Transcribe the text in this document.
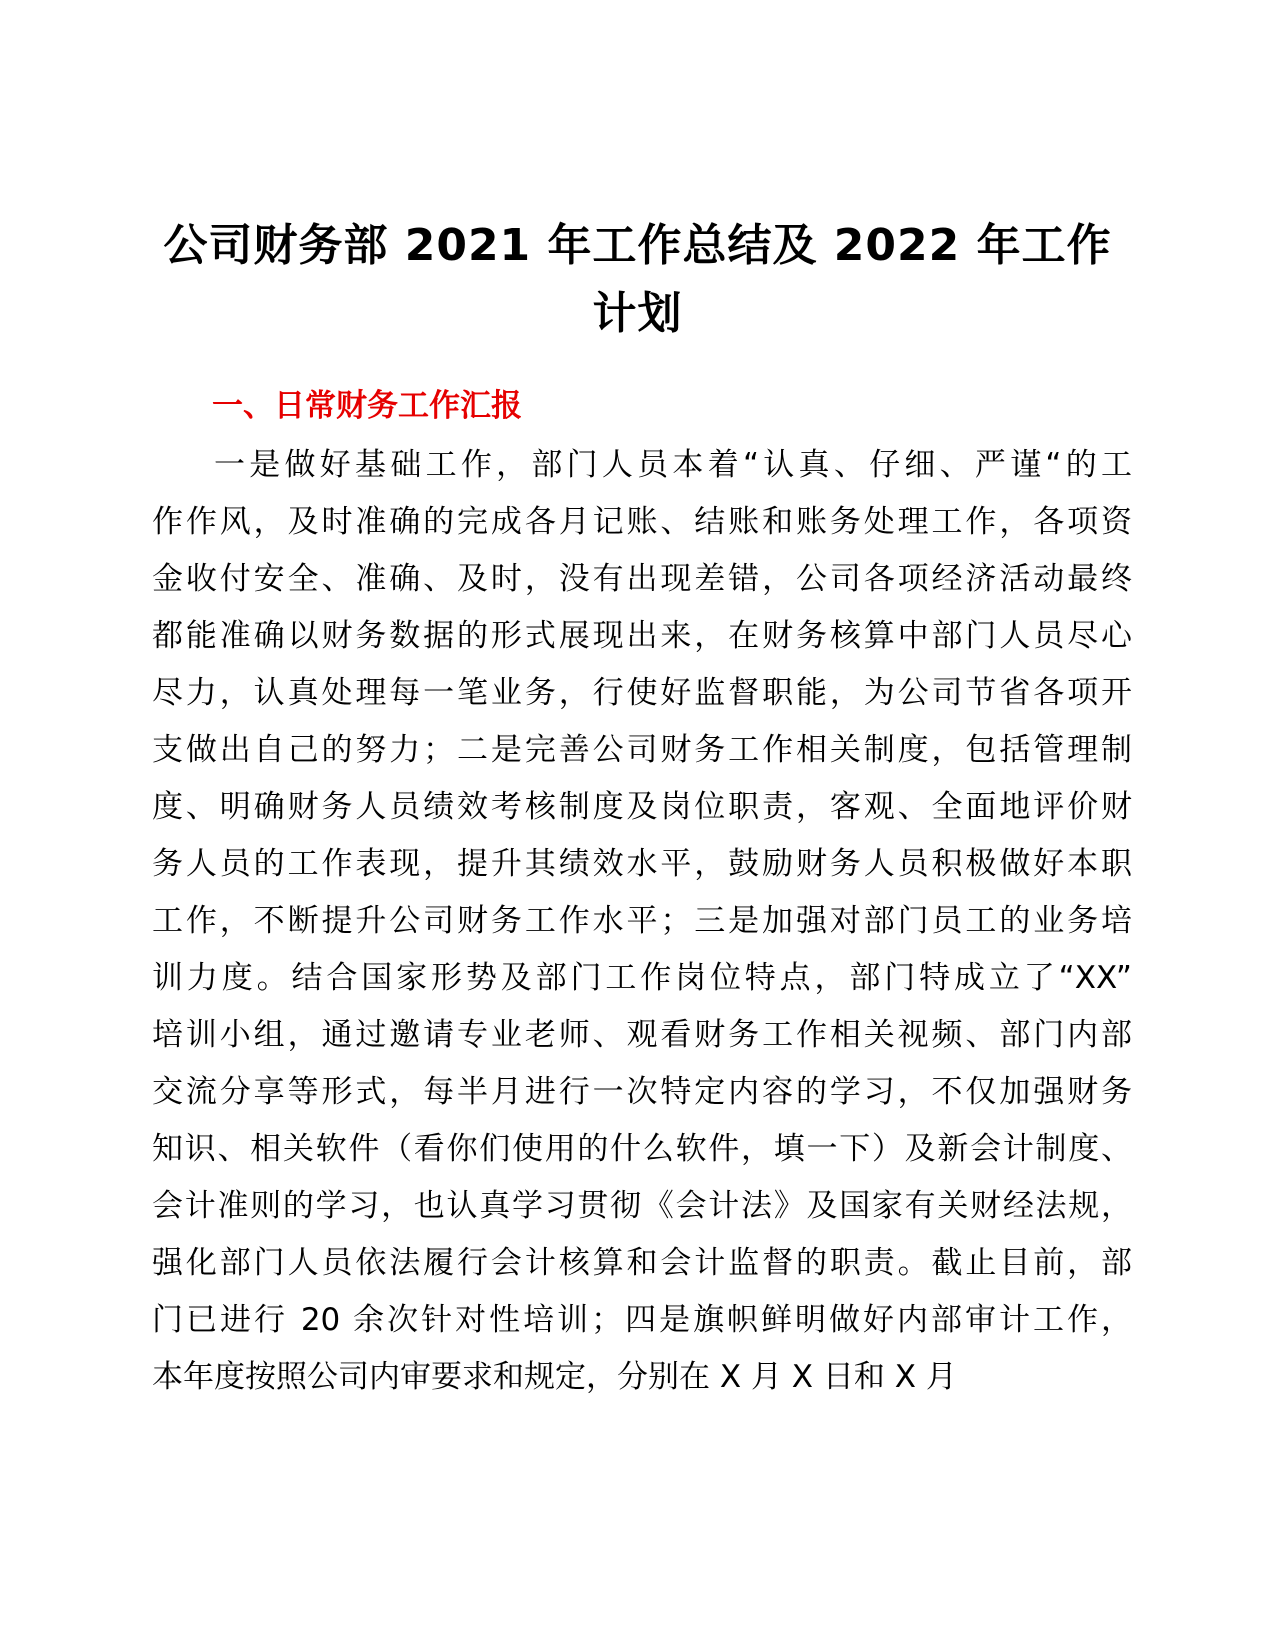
公司财务部 2021 年工作总结及 2022 年工作
计划
一、日常财务工作汇报
一是做好基础工作，部门人员本着“认真、仔细、严谨“的工
作作风，及时准确的完成各月记账、结账和账务处理工作，各项资
金收付安全、准确、及时，没有出现差错，公司各项经济活动最终
都能准确以财务数据的形式展现出来，在财务核算中部门人员尽心
尽力，认真处理每一笔业务，行使好监督职能，为公司节省各项开
支做出自己的努力；二是完善公司财务工作相关制度，包括管理制
度、明确财务人员绩效考核制度及岗位职责，客观、全面地评价财
务人员的工作表现，提升其绩效水平，鼓励财务人员积极做好本职
工作，不断提升公司财务工作水平；三是加强对部门员工的业务培
训力度。结合国家形势及部门工作岗位特点，部门特成立了“XX”
培训小组，通过邀请专业老师、观看财务工作相关视频、部门内部
交流分享等形式，每半月进行一次特定内容的学习，不仅加强财务
知识、相关软件（看你们使用的什么软件，填一下）及新会计制度、
会计准则的学习，也认真学习贯彻《会计法》及国家有关财经法规，
强化部门人员依法履行会计核算和会计监督的职责。截止目前，部
门已进行 20 余次针对性培训；四是旗帜鲜明做好内部审计工作，
本年度按照公司内审要求和规定，分别在 X 月 X 日和 X 月
